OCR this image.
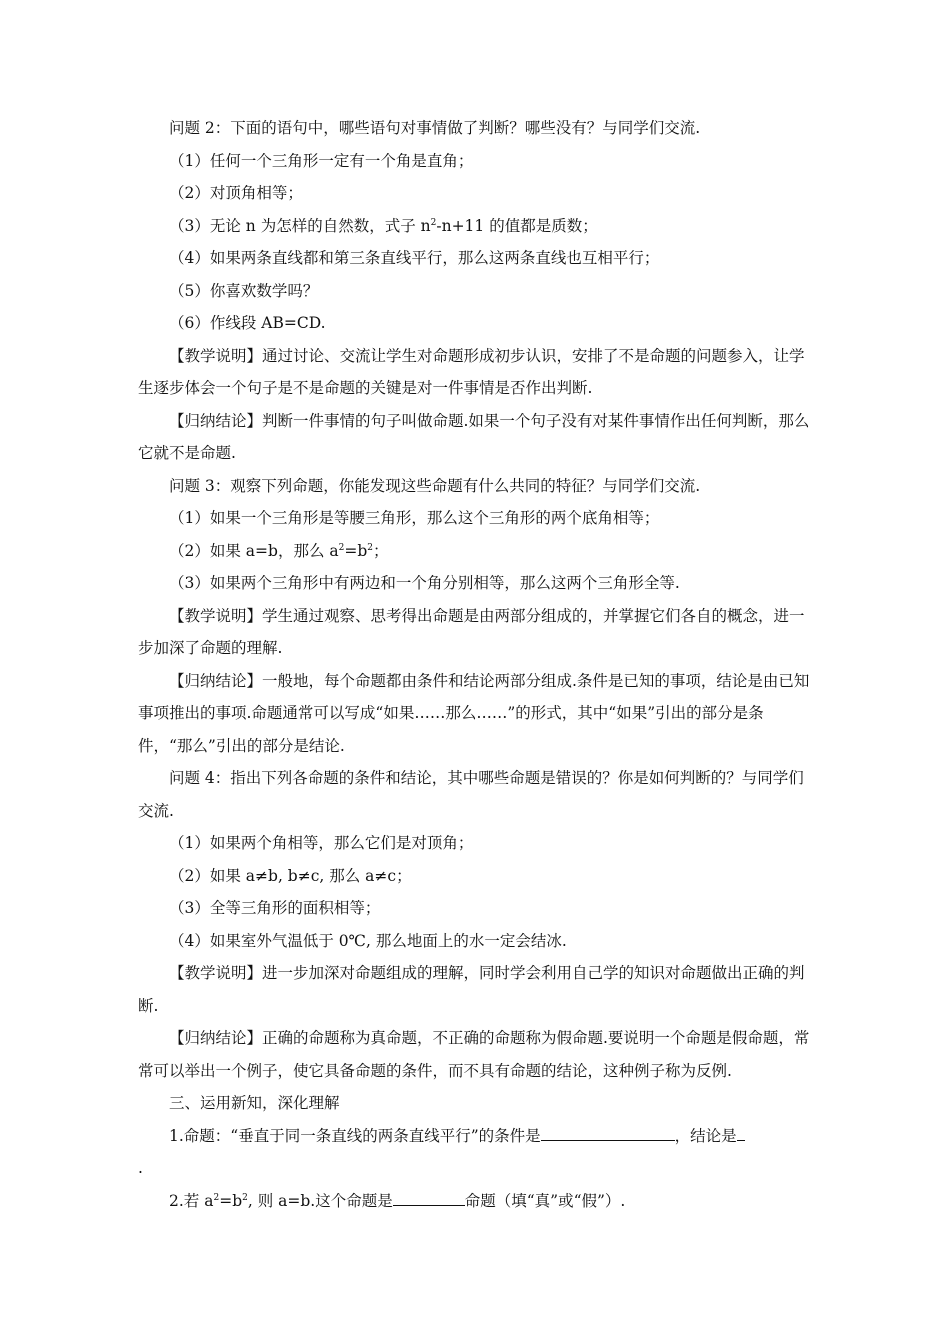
问题 2：下面的语句中，哪些语句对事情做了判断？哪些没有？与同学们交流.

（1）任何一个三角形一定有一个角是直角；

（2）对顶角相等；

（3）无论 n 为怎样的自然数，式子 $n^2-n+11$ 的值都是质数；

（4）如果两条直线都和第三条直线平行，那么这两条直线也互相平行；

（5）你喜欢数学吗？

（6）作线段 AB=CD.

【教学说明】通过讨论、交流让学生对命题形成初步认识，安排了不是命题的问题参入，让学生逐步体会一个句子是不是命题的关键是对一件事情是否作出判断.

【归纳结论】判断一件事情的句子叫做命题.如果一个句子没有对某件事情作出任何判断，那么它就不是命题.

问题 3：观察下列命题，你能发现这些命题有什么共同的特征？与同学们交流.

（1）如果一个三角形是等腰三角形，那么这个三角形的两个底角相等；

（2）如果 a=b，那么 $a^2=b^2$；

（3）如果两个三角形中有两边和一个角分别相等，那么这两个三角形全等.

【教学说明】学生通过观察、思考得出命题是由两部分组成的，并掌握它们各自的概念，进一步加深了命题的理解.

【归纳结论】一般地，每个命题都由条件和结论两部分组成.条件是已知的事项，结论是由已知事项推出的事项.命题通常可以写成“如果……那么……”的形式，其中“如果”引出的部分是条件，“那么”引出的部分是结论.

问题 4：指出下列各命题的条件和结论，其中哪些命题是错误的？你是如何判断的？与同学们交流.

（1）如果两个角相等，那么它们是对顶角；

（2）如果 a≠b, b≠c, 那么 a≠c；

（3）全等三角形的面积相等；

（4）如果室外气温低于 0℃, 那么地面上的水一定会结冰.

【教学说明】进一步加深对命题组成的理解，同时学会利用自己学的知识对命题做出正确的判断.

【归纳结论】正确的命题称为真命题，不正确的命题称为假命题.要说明一个命题是假命题，常常可以举出一个例子，使它具备命题的条件，而不具有命题的结论，这种例子称为反例.

三、运用新知，深化理解

1.命题：“垂直于同一条直线的两条直线平行”的条件是	，结论是
.

2.若 $a^2=b^2$, 则 a=b.这个命题是	命题（填“真”或“假”）.
